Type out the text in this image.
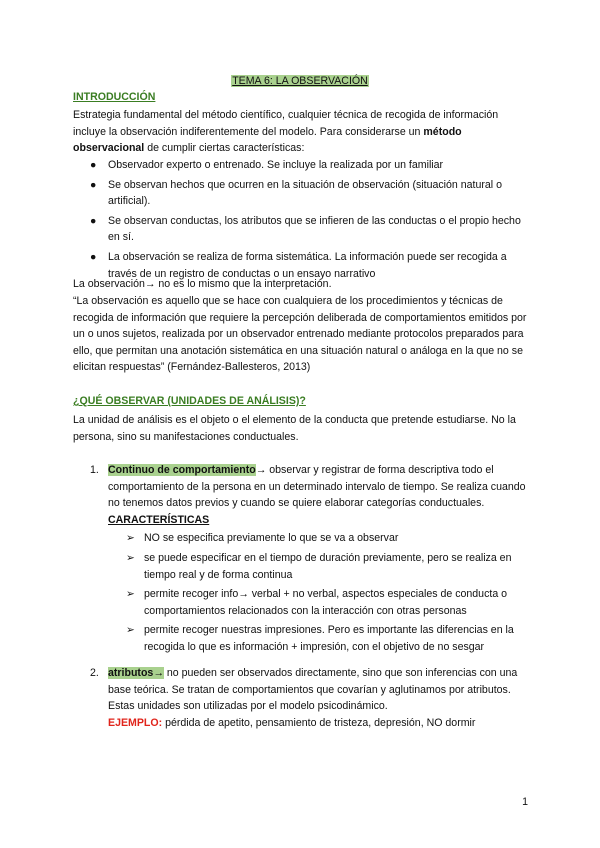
TEMA 6: LA OBSERVACIÓN
INTRODUCCIÓN
Estrategia fundamental del método científico, cualquier técnica de recogida de información incluye la observación indiferentemente del modelo. Para considerarse un método observacional de cumplir ciertas características:
● Observador experto o entrenado. Se incluye la realizada por un familiar
● Se observan hechos que ocurren en la situación de observación (situación natural o artificial).
● Se observan conductas, los atributos que se infieren de las conductas o el propio hecho en sí.
● La observación se realiza de forma sistemática. La información puede ser recogida a través de un registro de conductas o un ensayo narrativo
La observación→ no es lo mismo que la interpretación.
“La observación es aquello que se hace con cualquiera de los procedimientos y técnicas de recogida de información que requiere la percepción deliberada de comportamientos emitidos por un o unos sujetos, realizada por un observador entrenado mediante protocolos preparados para ello, que permitan una anotación sistemática en una situación natural o análoga en la que no se elicitan respuestas” (Fernández-Ballesteros, 2013)
¿QUÉ OBSERVAR (UNIDADES DE ANÁLISIS)?
La unidad de análisis es el objeto o el elemento de la conducta que pretende estudiarse. No la persona, sino su manifestaciones conductuales.
1. Continuo de comportamiento→ observar y registrar de forma descriptiva todo el comportamiento de la persona en un determinado intervalo de tiempo. Se realiza cuando no tenemos datos previos y cuando se quiere elaborar categorías conductuales. CARACTERÍSTICAS
➢ NO se especifica previamente lo que se va a observar
➢ se puede especificar en el tiempo de duración previamente, pero se realiza en tiempo real y de forma continua
➢ permite recoger info→ verbal + no verbal, aspectos especiales de conducta o comportamientos relacionados con la interacción con otras personas
➢ permite recoger nuestras impresiones. Pero es importante las diferencias en la recogida lo que es información + impresión, con el objetivo de no sesgar
2. atributos→ no pueden ser observados directamente, sino que son inferencias con una base teórica. Se tratan de comportamientos que covarían y aglutinamos por atributos. Estas unidades son utilizadas por el modelo psicodinámico.
EJEMPLO: pérdida de apetito, pensamiento de tristeza, depresión, NO dormir
1
